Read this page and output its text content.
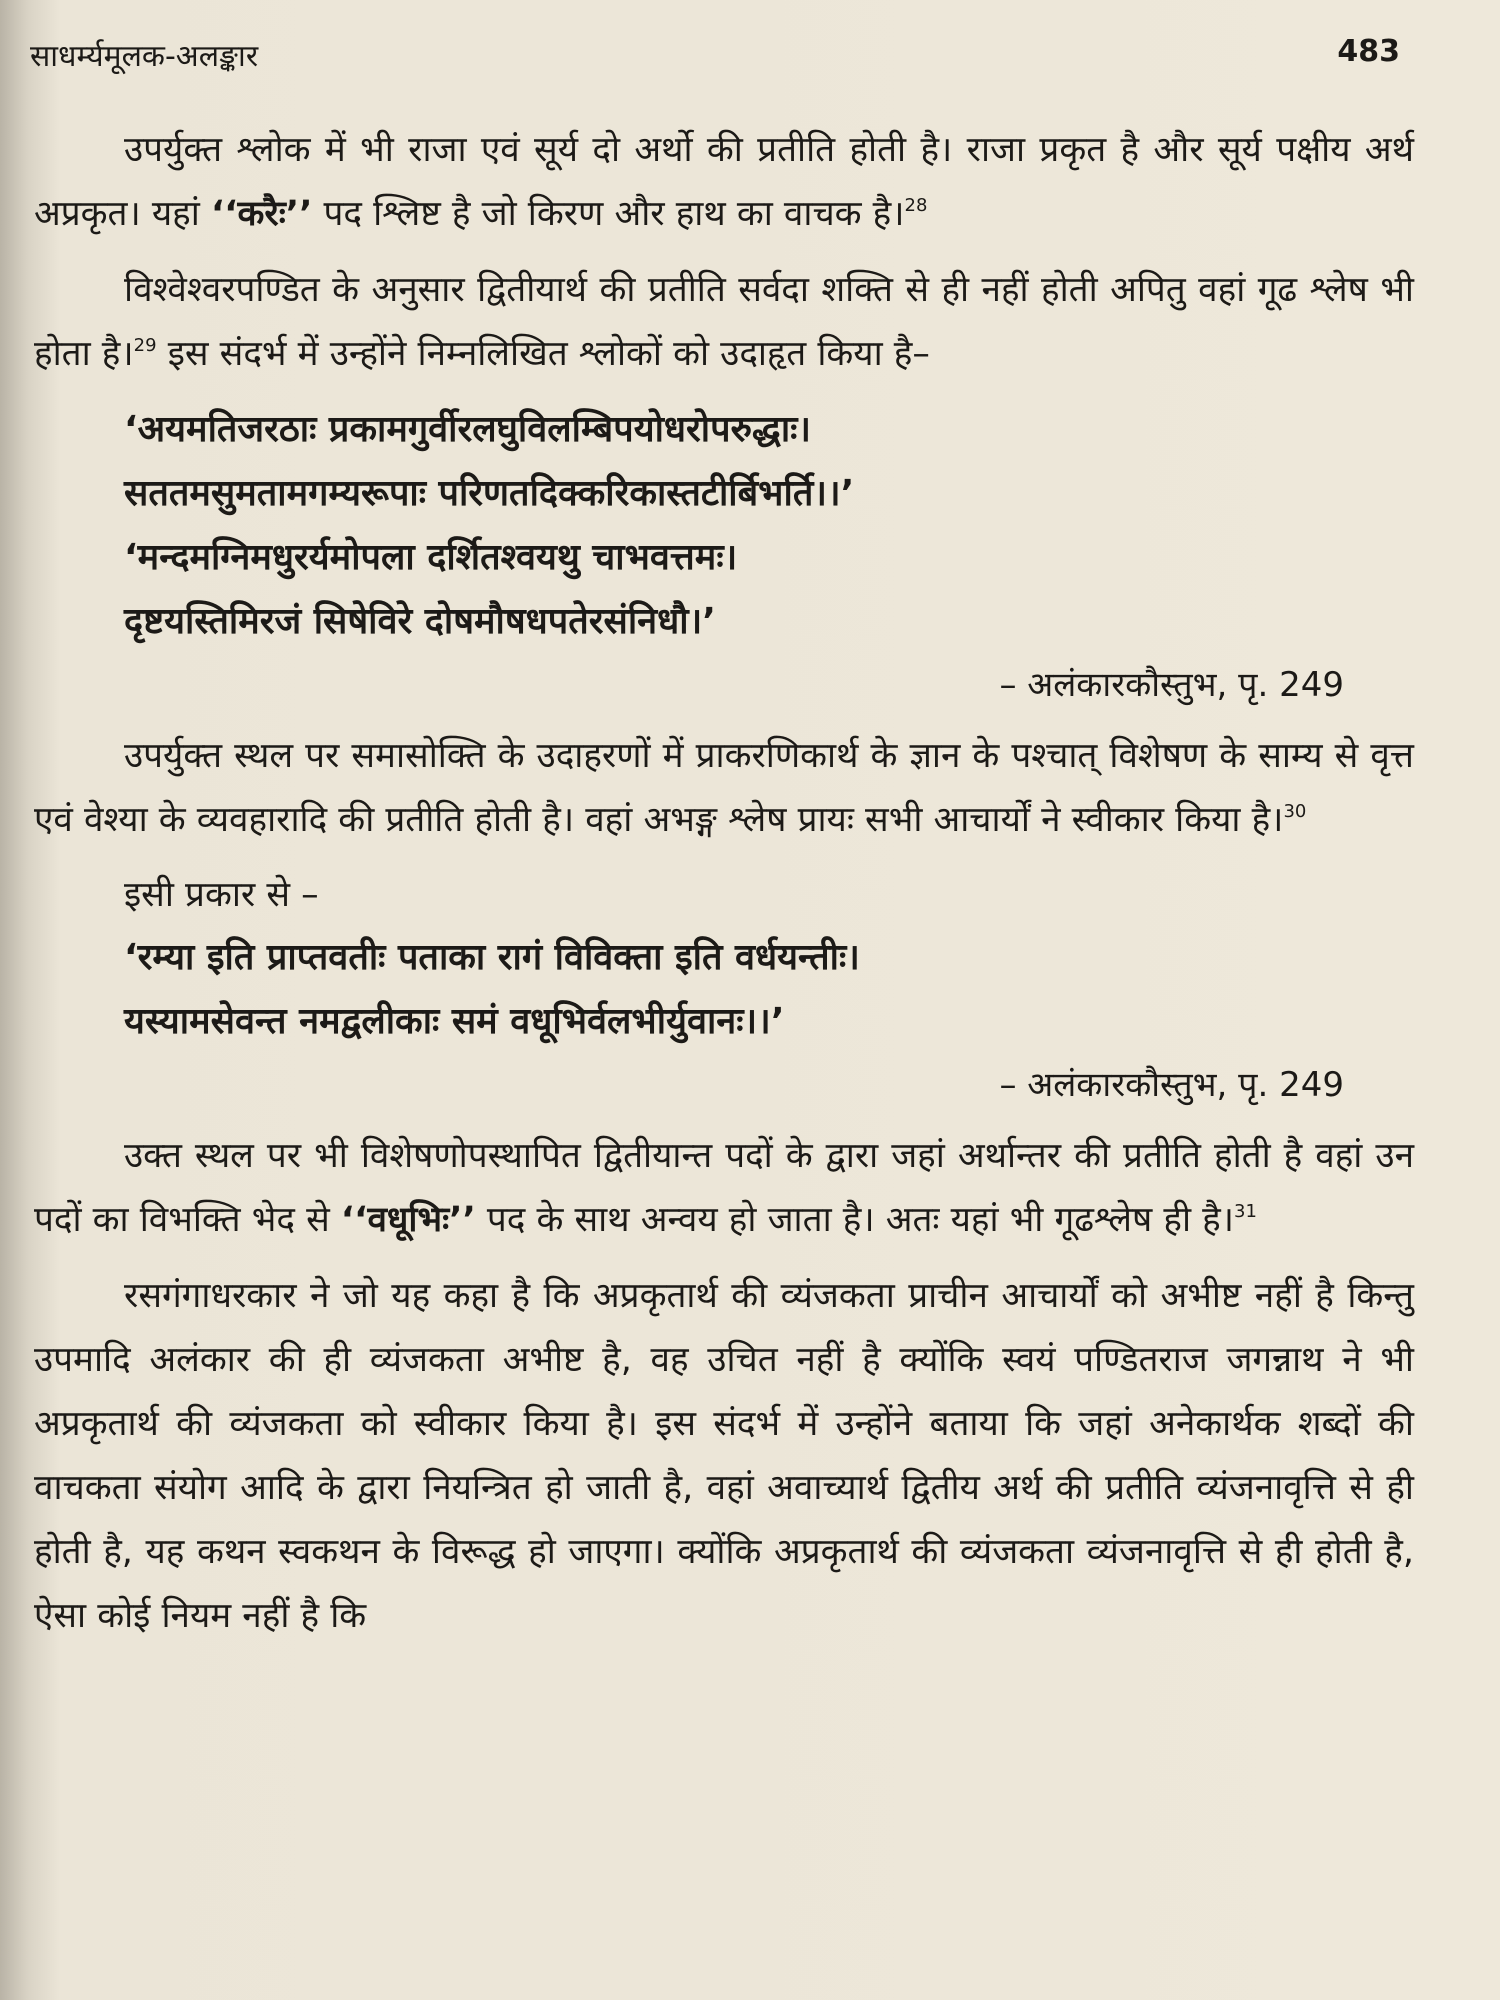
साधर्म्यमूलक-अलङ्कार	483

उपर्युक्त श्लोक में भी राजा एवं सूर्य दो अर्थो की प्रतीति होती है। राजा प्रकृत है और सूर्य पक्षीय अर्थ अप्रकृत। यहां ‘‘करैः’’ पद श्लिष्ट है जो किरण और हाथ का वाचक है।$^{28}$

विश्वेश्वरपण्डित के अनुसार द्वितीयार्थ की प्रतीति सर्वदा शक्ति से ही नहीं होती अपितु वहां गूढ श्लेष भी होता है।$^{29}$ इस संदर्भ में उन्होंने निम्नलिखित श्लोकों को उदाहृत किया है–

‘अयमतिजरठाः प्रकामगुर्वीरलघुविलम्बिपयोधरोपरुद्धाः।
सततमसुमतामगम्यरूपाः परिणतदिक्करिकास्तटीर्बिभर्ति।।’
‘मन्दमग्निमधुरर्यमोपला दर्शितश्वयथु चाभवत्तमः।
दृष्टयस्तिमिरजं सिषेविरे दोषमौषधपतेरसंनिधौ।’
– अलंकारकौस्तुभ, पृ. 249

उपर्युक्त स्थल पर समासोक्ति के उदाहरणों में प्राकरणिकार्थ के ज्ञान के पश्चात् विशेषण के साम्य से वृत्त एवं वेश्या के व्यवहारादि की प्रतीति होती है। वहां अभङ्ग श्लेष प्रायः सभी आचार्यों ने स्वीकार किया है।$^{30}$

इसी प्रकार से –
‘रम्या इति प्राप्तवतीः पताका रागं विविक्ता इति वर्धयन्तीः।
यस्यामसेवन्त नमद्वलीकाः समं वधूभिर्वलभीर्युवानः।।’
– अलंकारकौस्तुभ, पृ. 249

उक्त स्थल पर भी विशेषणोपस्थापित द्वितीयान्त पदों के द्वारा जहां अर्थान्तर की प्रतीति होती है वहां उन पदों का विभक्ति भेद से ‘‘वधूभिः’’ पद के साथ अन्वय हो जाता है। अतः यहां भी गूढश्लेष ही है।$^{31}$

रसगंगाधरकार ने जो यह कहा है कि अप्रकृतार्थ की व्यंजकता प्राचीन आचार्यों को अभीष्ट नहीं है किन्तु उपमादि अलंकार की ही व्यंजकता अभीष्ट है, वह उचित नहीं है क्योंकि स्वयं पण्डितराज जगन्नाथ ने भी अप्रकृतार्थ की व्यंजकता को स्वीकार किया है। इस संदर्भ में उन्होंने बताया कि जहां अनेकार्थक शब्दों की वाचकता संयोग आदि के द्वारा नियन्त्रित हो जाती है, वहां अवाच्यार्थ द्वितीय अर्थ की प्रतीति व्यंजनावृत्ति से ही होती है, यह कथन स्वकथन के विरूद्ध हो जाएगा। क्योंकि अप्रकृतार्थ की व्यंजकता व्यंजनावृत्ति से ही होती है, ऐसा कोई नियम नहीं है कि
